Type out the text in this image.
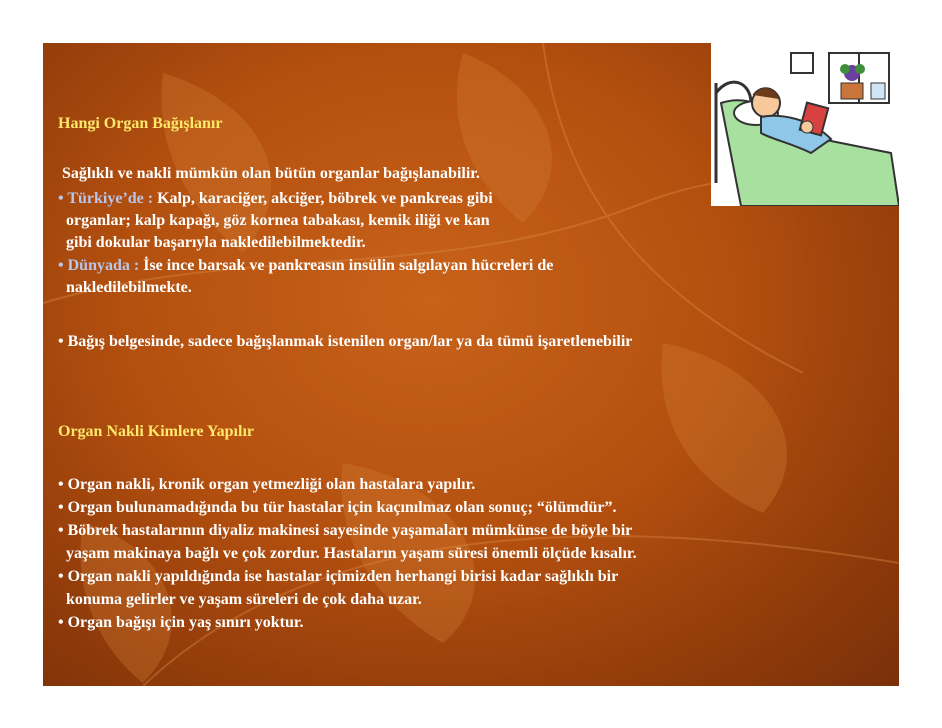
Hangi Organ Bağışlanır
Sağlıklı ve nakli mümkün olan bütün organlar bağışlanabilir.
• Türkiye’de : Kalp, karaciğer, akciğer, böbrek ve pankreas gibi
organlar; kalp kapağı, göz kornea tabakası, kemik iliği ve kan
gibi dokular başarıyla nakledilebilmektedir.
• Dünyada : İse ince barsak ve pankreasın insülin salgılayan hücreleri de
nakledilebilmekte.
• Bağış belgesinde, sadece bağışlanmak istenilen organ/lar ya da tümü işaretlenebilir
Organ Nakli Kimlere Yapılır
• Organ nakli, kronik organ yetmezliği olan hastalara yapılır.
• Organ bulunamadığında bu tür hastalar için kaçınılmaz olan sonuç; “ölümdür”.
• Böbrek hastalarının diyaliz makinesi sayesinde yaşamaları mümkünse de böyle bir
yaşam makinaya bağlı ve çok zordur. Hastaların yaşam süresi önemli ölçüde kısalır.
• Organ nakli yapıldığında ise hastalar içimizden herhangi birisi kadar sağlıklı bir
konuma gelirler ve yaşam süreleri de çok daha uzar.
• Organ bağışı için yaş sınırı yoktur.
